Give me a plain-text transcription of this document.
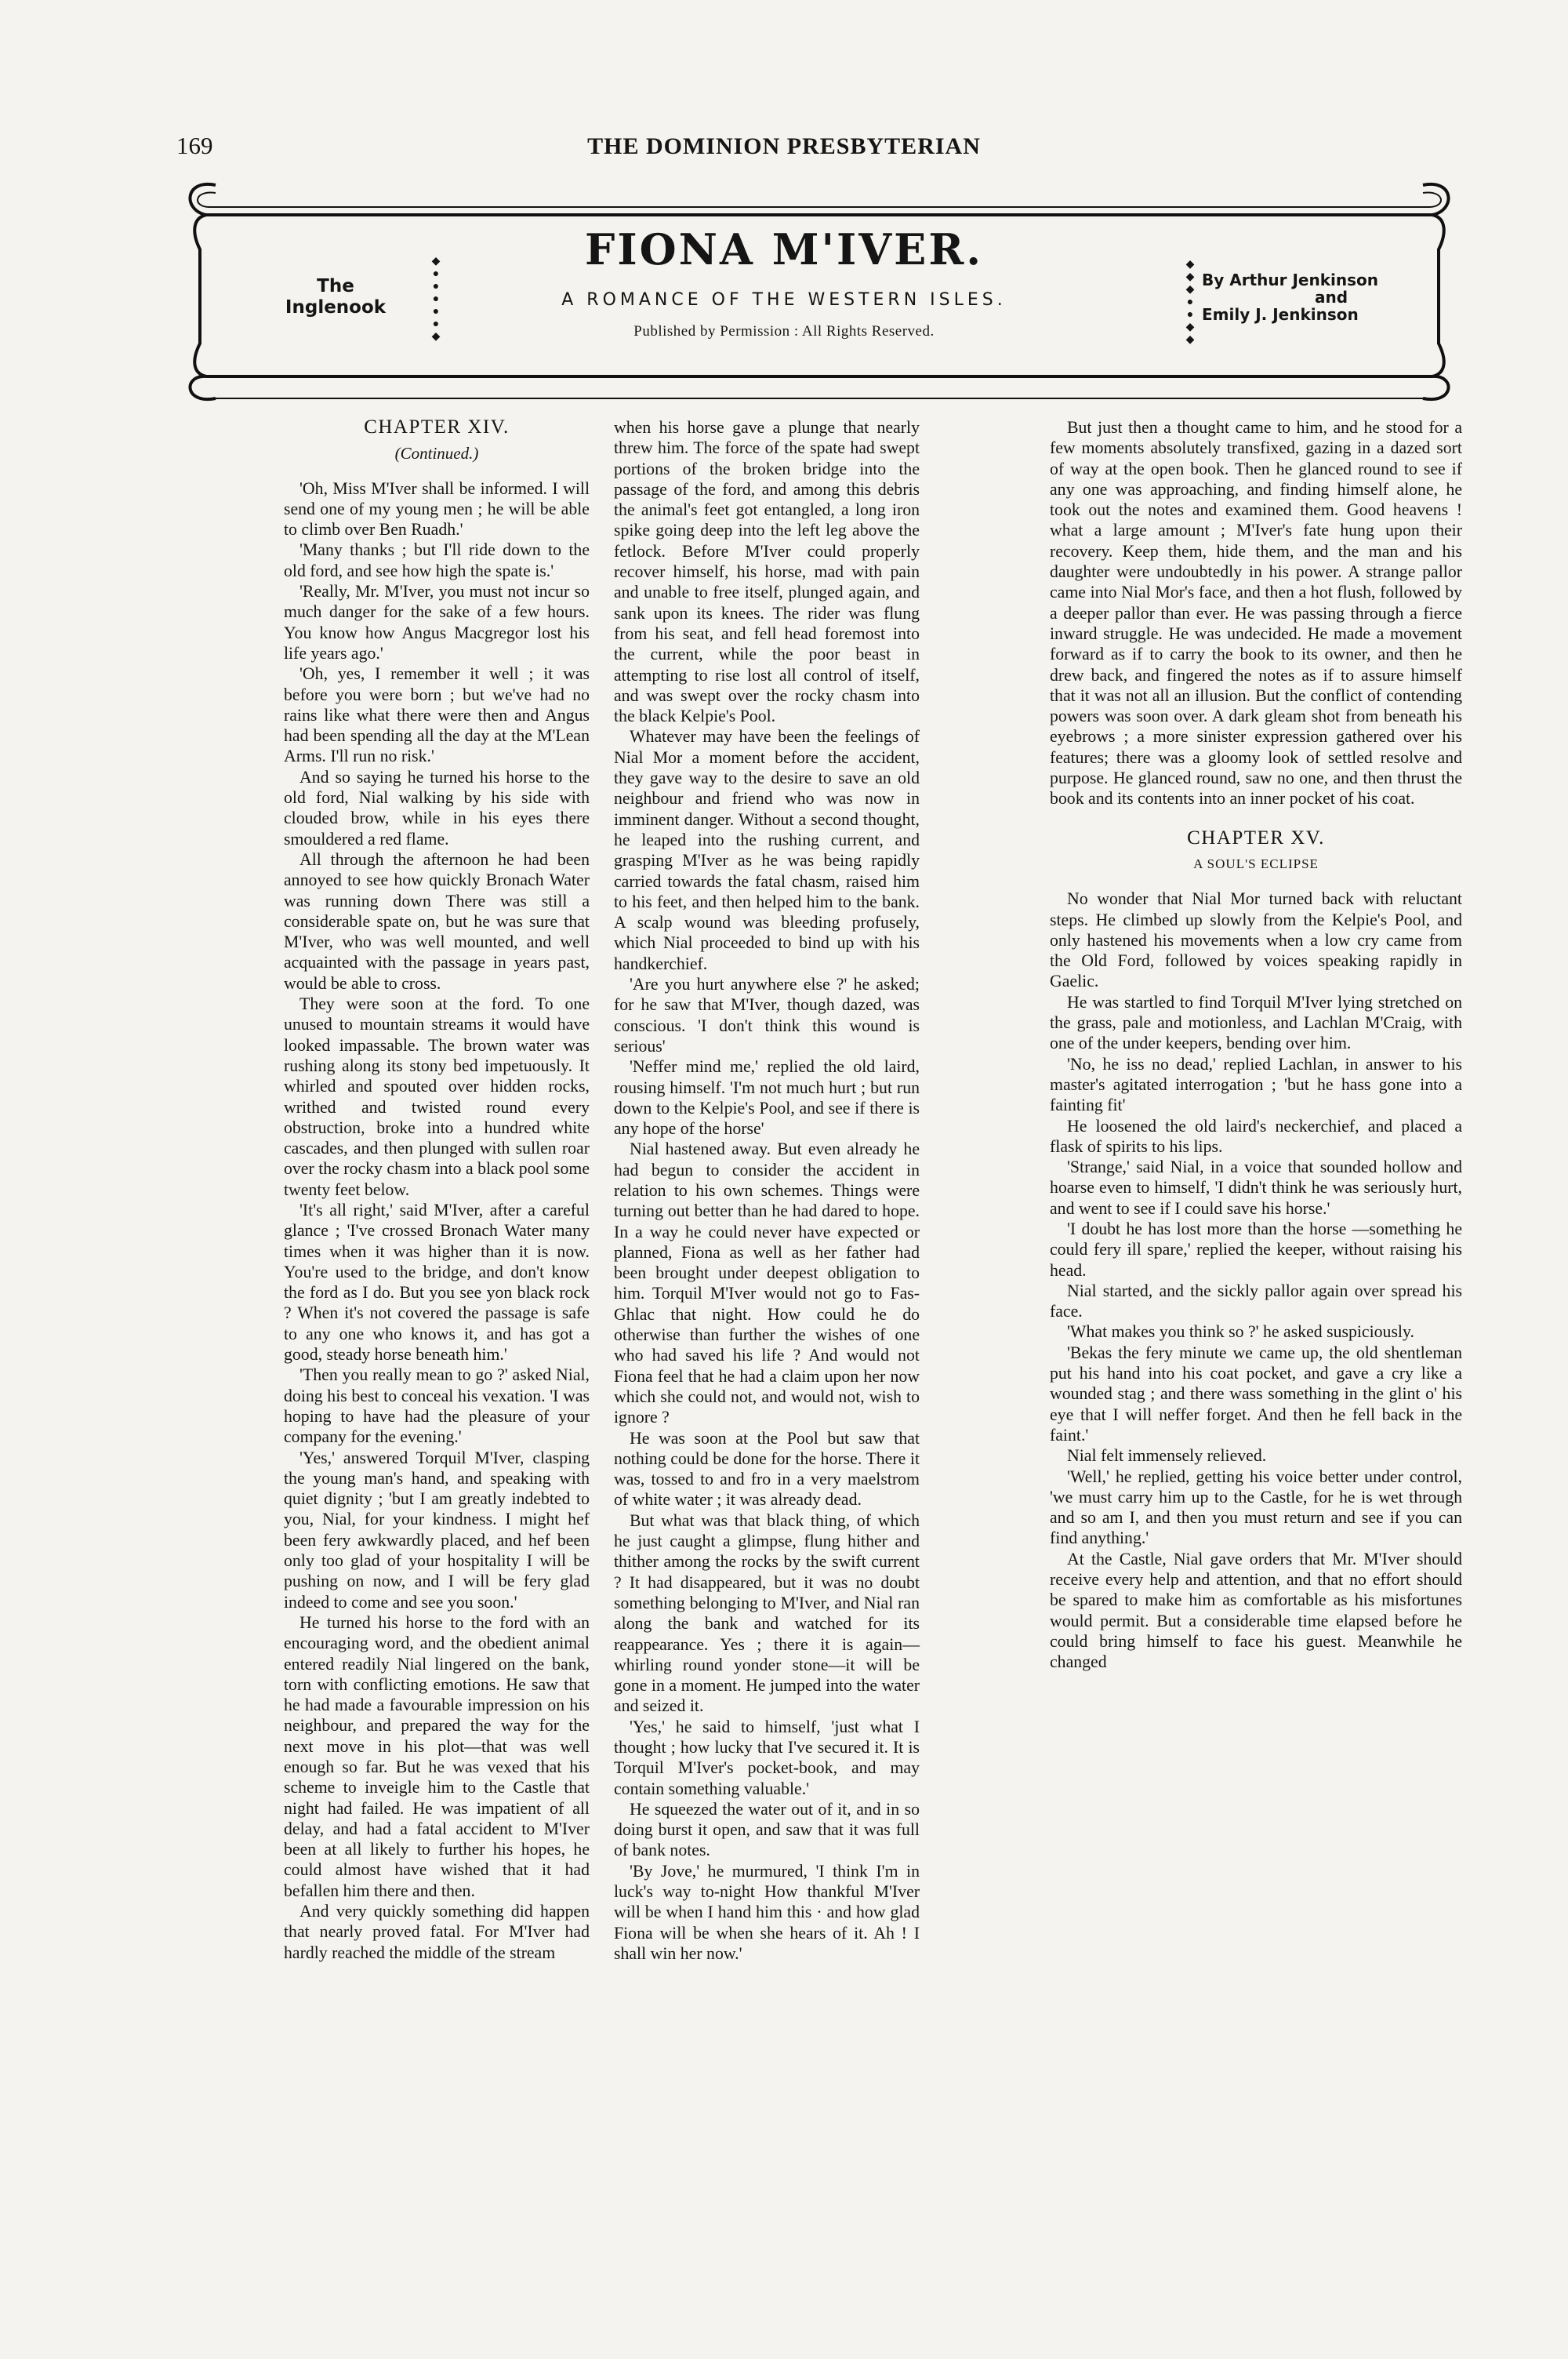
169	THE DOMINION PRESBYTERIAN
The
Inglenook
◆
●
●
●
●
●
◆
FIONA M'IVER.
A ROMANCE OF THE WESTERN ISLES.
Published by Permission : All Rights Reserved.
◆
◆
◆
●
●
◆
◆
By Arthur Jenkinson
and
Emily J. Jenkinson

CHAPTER XIV.

(Continued.)

'Oh, Miss M'Iver shall be informed. I will send one of my young men ; he will be able to climb over Ben Ruadh.'

'Many thanks ; but I'll ride down to the old ford, and see how high the spate is.'

'Really, Mr. M'Iver, you must not incur so much danger for the sake of a few hours. You know how Angus Macgregor lost his life years ago.'

'Oh, yes, I remember it well ; it was before you were born ; but we've had no rains like what there were then and Angus had been spending all the day at the M'Lean Arms. I'll run no risk.'

And so saying he turned his horse to the old ford, Nial walking by his side with clouded brow, while in his eyes there smouldered a red flame.

All through the afternoon he had been annoyed to see how quickly Bronach Water was running down There was still a considerable spate on, but he was sure that M'Iver, who was well mounted, and well acquainted with the passage in years past, would be able to cross.

They were soon at the ford. To one unused to mountain streams it would have looked impassable. The brown water was rushing along its stony bed impetuously. It whirled and spouted over hidden rocks, writhed and twisted round every obstruction, broke into a hundred white cascades, and then plunged with sullen roar over the rocky chasm into a black pool some twenty feet below.

'It's all right,' said M'Iver, after a careful glance ; 'I've crossed Bronach Water many times when it was higher than it is now. You're used to the bridge, and don't know the ford as I do. But you see yon black rock ? When it's not covered the passage is safe to any one who knows it, and has got a good, steady horse beneath him.'

'Then you really mean to go ?' asked Nial, doing his best to conceal his vexation. 'I was hoping to have had the pleasure of your company for the evening.'

'Yes,' answered Torquil M'Iver, clasping the young man's hand, and speaking with quiet dignity ; 'but I am greatly indebted to you, Nial, for your kindness. I might hef been fery awkwardly placed, and hef been only too glad of your hospitality I will be pushing on now, and I will be fery glad indeed to come and see you soon.'

He turned his horse to the ford with an encouraging word, and the obedient animal entered readily Nial lingered on the bank, torn with conflicting emotions. He saw that he had made a favourable impression on his neighbour, and prepared the way for the next move in his plot—that was well enough so far. But he was vexed that his scheme to inveigle him to the Castle that night had failed. He was impatient of all delay, and had a fatal accident to M'Iver been at all likely to further his hopes, he could almost have wished that it had befallen him there and then.

And very quickly something did happen that nearly proved fatal. For M'Iver had hardly reached the middle of the stream

when his horse gave a plunge that nearly threw him. The force of the spate had swept portions of the broken bridge into the passage of the ford, and among this debris the animal's feet got entangled, a long iron spike going deep into the left leg above the fetlock. Before M'Iver could properly recover himself, his horse, mad with pain and unable to free itself, plunged again, and sank upon its knees. The rider was flung from his seat, and fell head foremost into the current, while the poor beast in attempting to rise lost all control of itself, and was swept over the rocky chasm into the black Kelpie's Pool.

Whatever may have been the feelings of Nial Mor a moment before the accident, they gave way to the desire to save an old neighbour and friend who was now in imminent danger. Without a second thought, he leaped into the rushing current, and grasping M'Iver as he was being rapidly carried towards the fatal chasm, raised him to his feet, and then helped him to the bank. A scalp wound was bleeding profusely, which Nial proceeded to bind up with his handkerchief.

'Are you hurt anywhere else ?' he asked; for he saw that M'Iver, though dazed, was conscious. 'I don't think this wound is serious'

'Neffer mind me,' replied the old laird, rousing himself. 'I'm not much hurt ; but run down to the Kelpie's Pool, and see if there is any hope of the horse'

Nial hastened away. But even already he had begun to consider the accident in relation to his own schemes. Things were turning out better than he had dared to hope. In a way he could never have expected or planned, Fiona as well as her father had been brought under deepest obligation to him. Torquil M'Iver would not go to Fas-Ghlac that night. How could he do otherwise than further the wishes of one who had saved his life ? And would not Fiona feel that he had a claim upon her now which she could not, and would not, wish to ignore ?

He was soon at the Pool but saw that nothing could be done for the horse. There it was, tossed to and fro in a very maelstrom of white water ; it was already dead.

But what was that black thing, of which he just caught a glimpse, flung hither and thither among the rocks by the swift current ? It had disappeared, but it was no doubt something belonging to M'Iver, and Nial ran along the bank and watched for its reappearance. Yes ; there it is again—whirling round yonder stone—it will be gone in a moment. He jumped into the water and seized it.

'Yes,' he said to himself, 'just what I thought ; how lucky that I've secured it. It is Torquil M'Iver's pocket-book, and may contain something valuable.'

He squeezed the water out of it, and in so doing burst it open, and saw that it was full of bank notes.

'By Jove,' he murmured, 'I think I'm in luck's way to-night How thankful M'Iver will be when I hand him this · and how glad Fiona will be when she hears of it. Ah ! I shall win her now.'

But just then a thought came to him, and he stood for a few moments absolutely transfixed, gazing in a dazed sort of way at the open book. Then he glanced round to see if any one was approaching, and finding himself alone, he took out the notes and examined them. Good heavens ! what a large amount ; M'Iver's fate hung upon their recovery. Keep them, hide them, and the man and his daughter were undoubtedly in his power. A strange pallor came into Nial Mor's face, and then a hot flush, followed by a deeper pallor than ever. He was passing through a fierce inward struggle. He was undecided. He made a movement forward as if to carry the book to its owner, and then he drew back, and fingered the notes as if to assure himself that it was not all an illusion. But the conflict of contending powers was soon over. A dark gleam shot from beneath his eyebrows ; a more sinister expression gathered over his features; there was a gloomy look of settled resolve and purpose. He glanced round, saw no one, and then thrust the book and its contents into an inner pocket of his coat.

CHAPTER XV.

A SOUL'S ECLIPSE

No wonder that Nial Mor turned back with reluctant steps. He climbed up slowly from the Kelpie's Pool, and only hastened his movements when a low cry came from the Old Ford, followed by voices speaking rapidly in Gaelic.

He was startled to find Torquil M'Iver lying stretched on the grass, pale and motionless, and Lachlan M'Craig, with one of the under keepers, bending over him.

'No, he iss no dead,' replied Lachlan, in answer to his master's agitated interrogation ; 'but he hass gone into a fainting fit'

He loosened the old laird's neckerchief, and placed a flask of spirits to his lips.

'Strange,' said Nial, in a voice that sounded hollow and hoarse even to himself, 'I didn't think he was seriously hurt, and went to see if I could save his horse.'

'I doubt he has lost more than the horse —something he could fery ill spare,' replied the keeper, without raising his head.

Nial started, and the sickly pallor again over spread his face.

'What makes you think so ?' he asked suspiciously.

'Bekas the fery minute we came up, the old shentleman put his hand into his coat pocket, and gave a cry like a wounded stag ; and there wass something in the glint o' his eye that I will neffer forget. And then he fell back in the faint.'

Nial felt immensely relieved.

'Well,' he replied, getting his voice better under control, 'we must carry him up to the Castle, for he is wet through and so am I, and then you must return and see if you can find anything.'

At the Castle, Nial gave orders that Mr. M'Iver should receive every help and attention, and that no effort should be spared to make him as comfortable as his misfortunes would permit. But a considerable time elapsed before he could bring himself to face his guest. Meanwhile he changed
